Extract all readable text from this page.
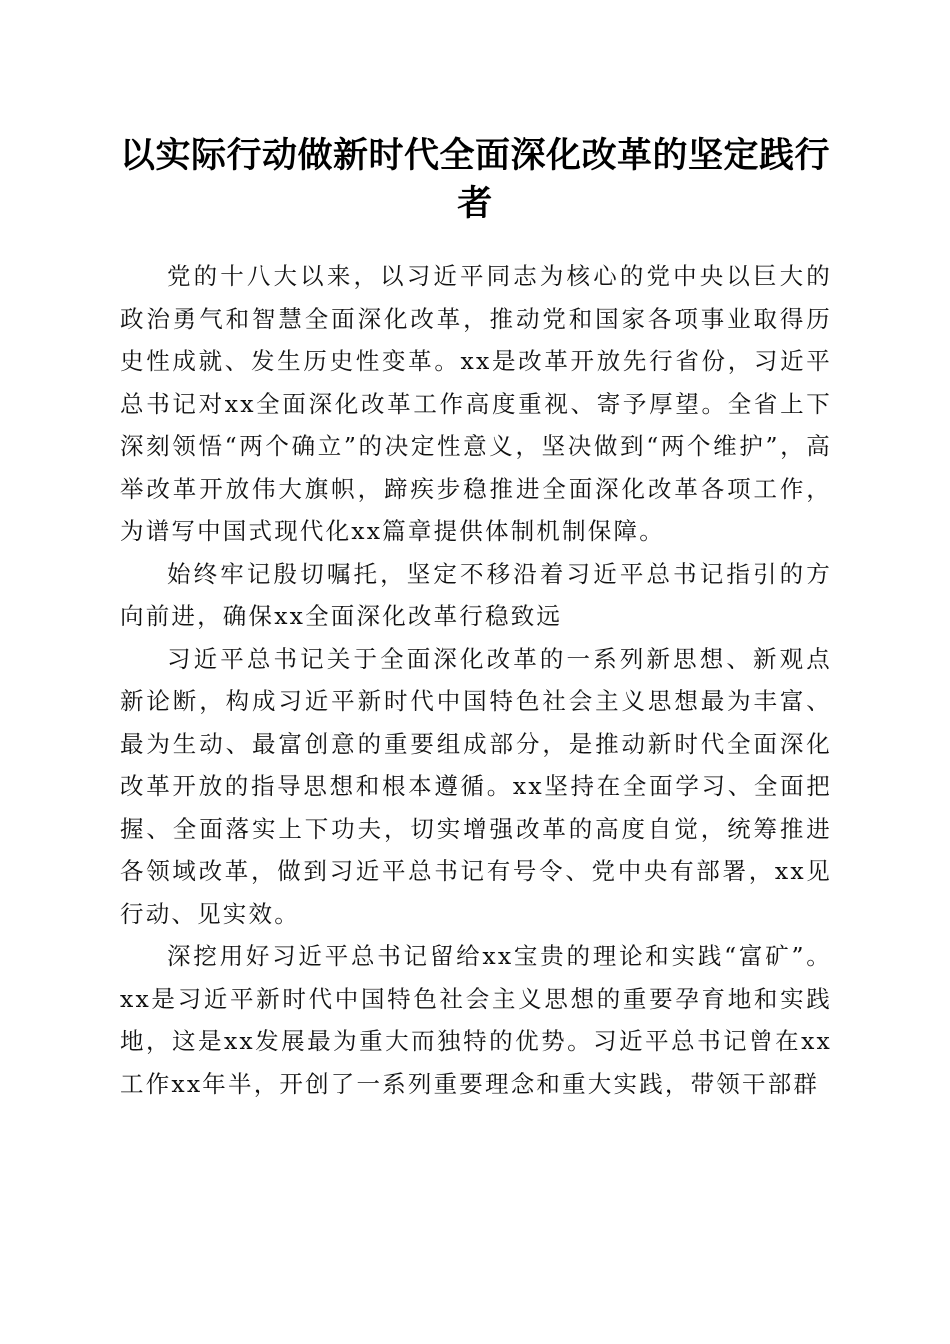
以实际行动做新时代全面深化改革的坚定践行者

党的十八大以来，以习近平同志为核心的党中央以巨大的政治勇气和智慧全面深化改革，推动党和国家各项事业取得历史性成就、发生历史性变革。xx是改革开放先行省份，习近平总书记对xx全面深化改革工作高度重视、寄予厚望。全省上下深刻领悟“两个确立”的决定性意义，坚决做到“两个维护”，高举改革开放伟大旗帜，蹄疾步稳推进全面深化改革各项工作，为谱写中国式现代化xx篇章提供体制机制保障。

始终牢记殷切嘱托，坚定不移沿着习近平总书记指引的方向前进，确保xx全面深化改革行稳致远

习近平总书记关于全面深化改革的一系列新思想、新观点新论断，构成习近平新时代中国特色社会主义思想最为丰富、最为生动、最富创意的重要组成部分，是推动新时代全面深化改革开放的指导思想和根本遵循。xx坚持在全面学习、全面把握、全面落实上下功夫，切实增强改革的高度自觉，统筹推进各领域改革，做到习近平总书记有号令、党中央有部署，xx见行动、见实效。

深挖用好习近平总书记留给xx宝贵的理论和实践“富矿”。xx是习近平新时代中国特色社会主义思想的重要孕育地和实践地，这是xx发展最为重大而独特的优势。习近平总书记曾在xx工作xx年半，开创了一系列重要理念和重大实践，带领干部群
